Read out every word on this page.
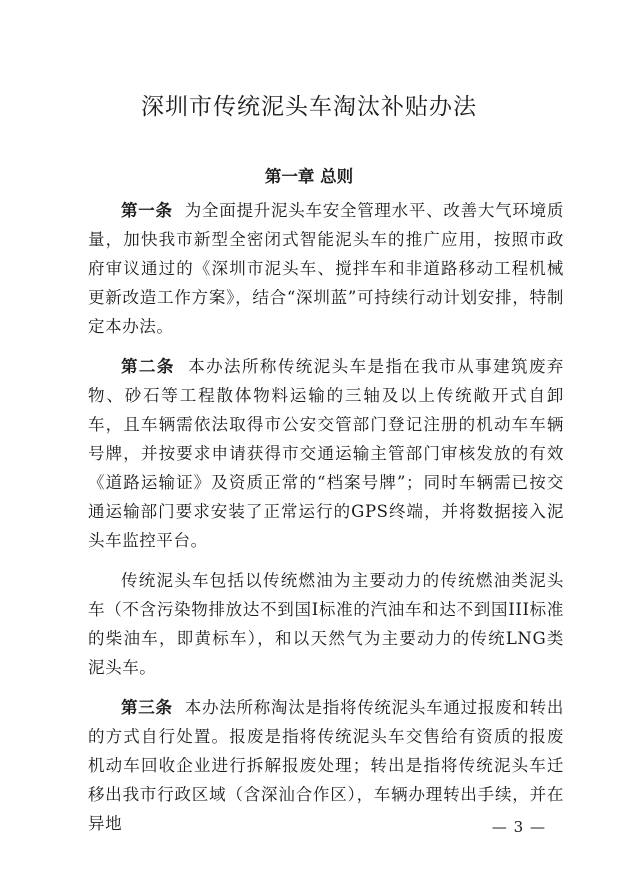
深圳市传统泥头车淘汰补贴办法
第一章 总则

第一条 为全面提升泥头车安全管理水平、改善大气环境质量，加快我市新型全密闭式智能泥头车的推广应用，按照市政府审议通过的《深圳市泥头车、搅拌车和非道路移动工程机械更新改造工作方案》，结合“深圳蓝”可持续行动计划安排，特制定本办法。

第二条 本办法所称传统泥头车是指在我市从事建筑废弃物、砂石等工程散体物料运输的三轴及以上传统敞开式自卸车，且车辆需依法取得市公安交管部门登记注册的机动车车辆号牌，并按要求申请获得市交通运输主管部门审核发放的有效《道路运输证》及资质正常的“档案号牌”；同时车辆需已按交通运输部门要求安装了正常运行的GPS终端，并将数据接入泥头车监控平台。

传统泥头车包括以传统燃油为主要动力的传统燃油类泥头车（不含污染物排放达不到国Ⅰ标准的汽油车和达不到国III标准的柴油车，即黄标车），和以天然气为主要动力的传统LNG类泥头车。

第三条 本办法所称淘汰是指将传统泥头车通过报废和转出的方式自行处置。报废是指将传统泥头车交售给有资质的报废机动车回收企业进行拆解报废处理；转出是指将传统泥头车迁移出我市行政区域（含深汕合作区），车辆办理转出手续，并在异地	— 3 —
